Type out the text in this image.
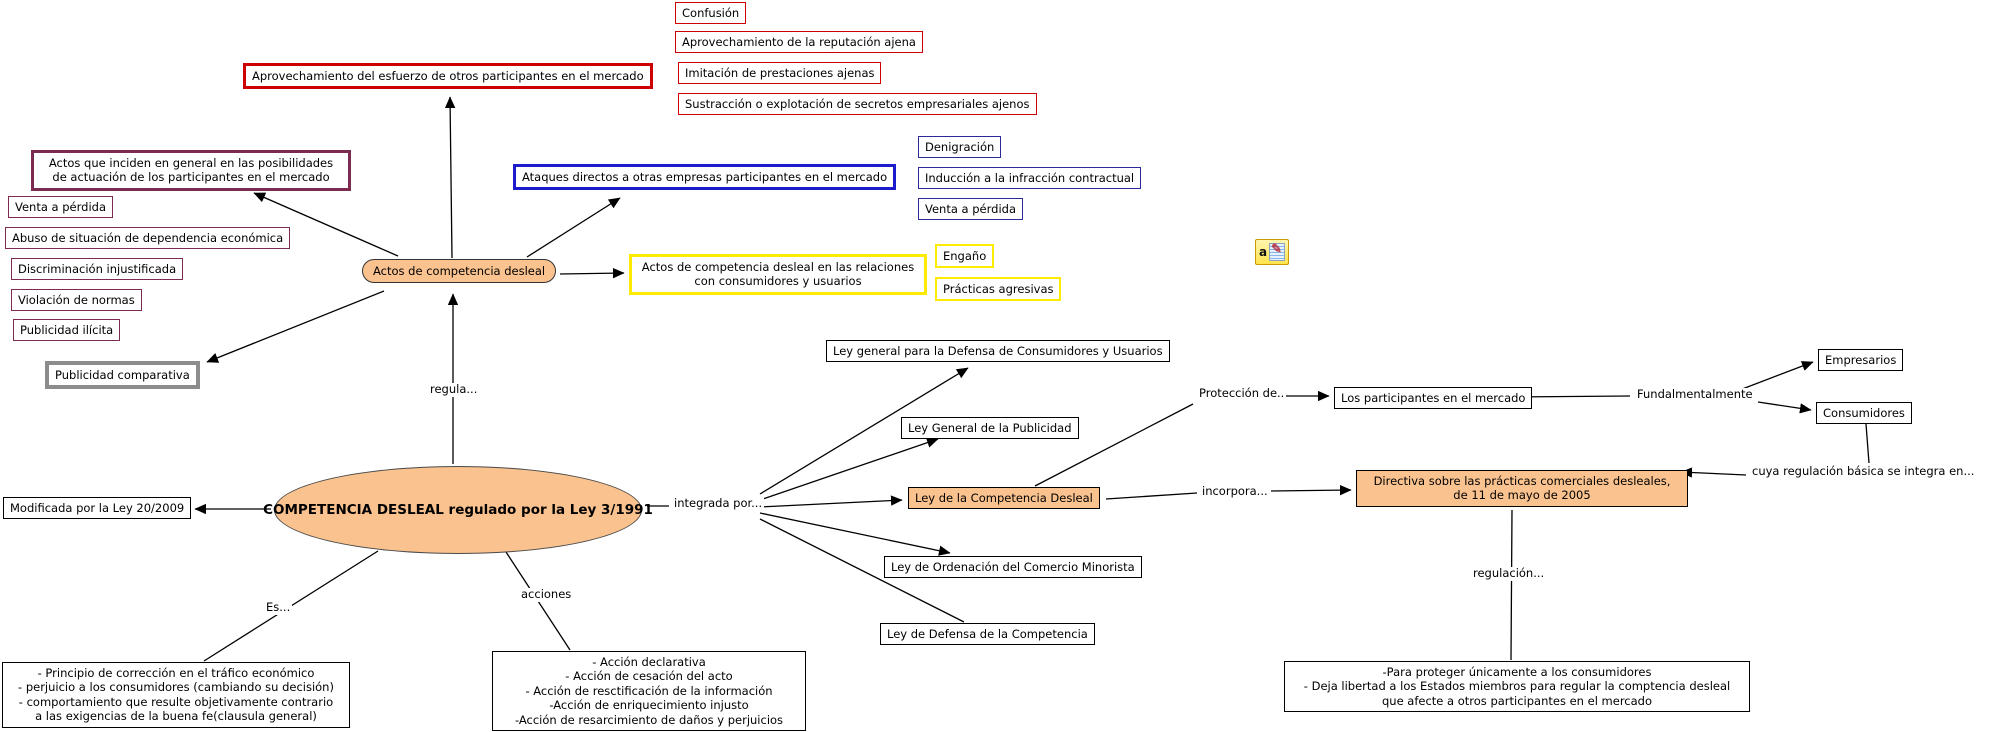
a ✎
Aprovechamiento del esfuerzo de otros participantes en el mercado
Confusión
Aprovechamiento de la reputación ajena
Imitación de prestaciones ajenas
Sustracción o explotación de secretos empresariales ajenos
Actos que inciden en general en las posibilidades
de actuación de los participantes en el mercado
Venta a pérdida
Abuso de situación de dependencia económica
Discriminación injustificada
Violación de normas
Publicidad ilícita
Publicidad comparativa
Actos de competencia desleal
Ataques directos a otras empresas participantes en el mercado
Denigración
Inducción a la infracción contractual
Venta a pérdida
Actos de competencia desleal en las relaciones
con consumidores y usuarios
Engaño
Prácticas agresivas
COMPETENCIA DESLEAL regulado por la Ley 3/1991
Modificada por la Ley 20/2009
Ley general para la Defensa de Consumidores y Usuarios
Ley General de la Publicidad
Ley de la Competencia Desleal
Ley de Ordenación del Comercio Minorista
Ley de Defensa de la Competencia
Los participantes en el mercado
Empresarios
Consumidores
Directiva sobre las prácticas comerciales desleales,
de 11 de mayo de 2005
- Principio de corrección en el tráfico económico
- perjuicio a los consumidores (cambiando su decisión)
- comportamiento que resulte objetivamente contrario
a las exigencias de la buena fe(clausula general)
- Acción declarativa
- Acción de cesación del acto
- Acción de resctificación de la información
-Acción de enriquecimiento injusto
-Acción de resarcimiento de daños y perjuicios
-Para proteger únicamente a los consumidores
- Deja libertad a los Estados miembros para regular la comptencia desleal
que afecte a otros participantes en el mercado
regula...
integrada por...
Es...
acciones
Protección de..
incorpora...
Fundalmentalmente
cuya regulación básica se integra en...
regulación...
